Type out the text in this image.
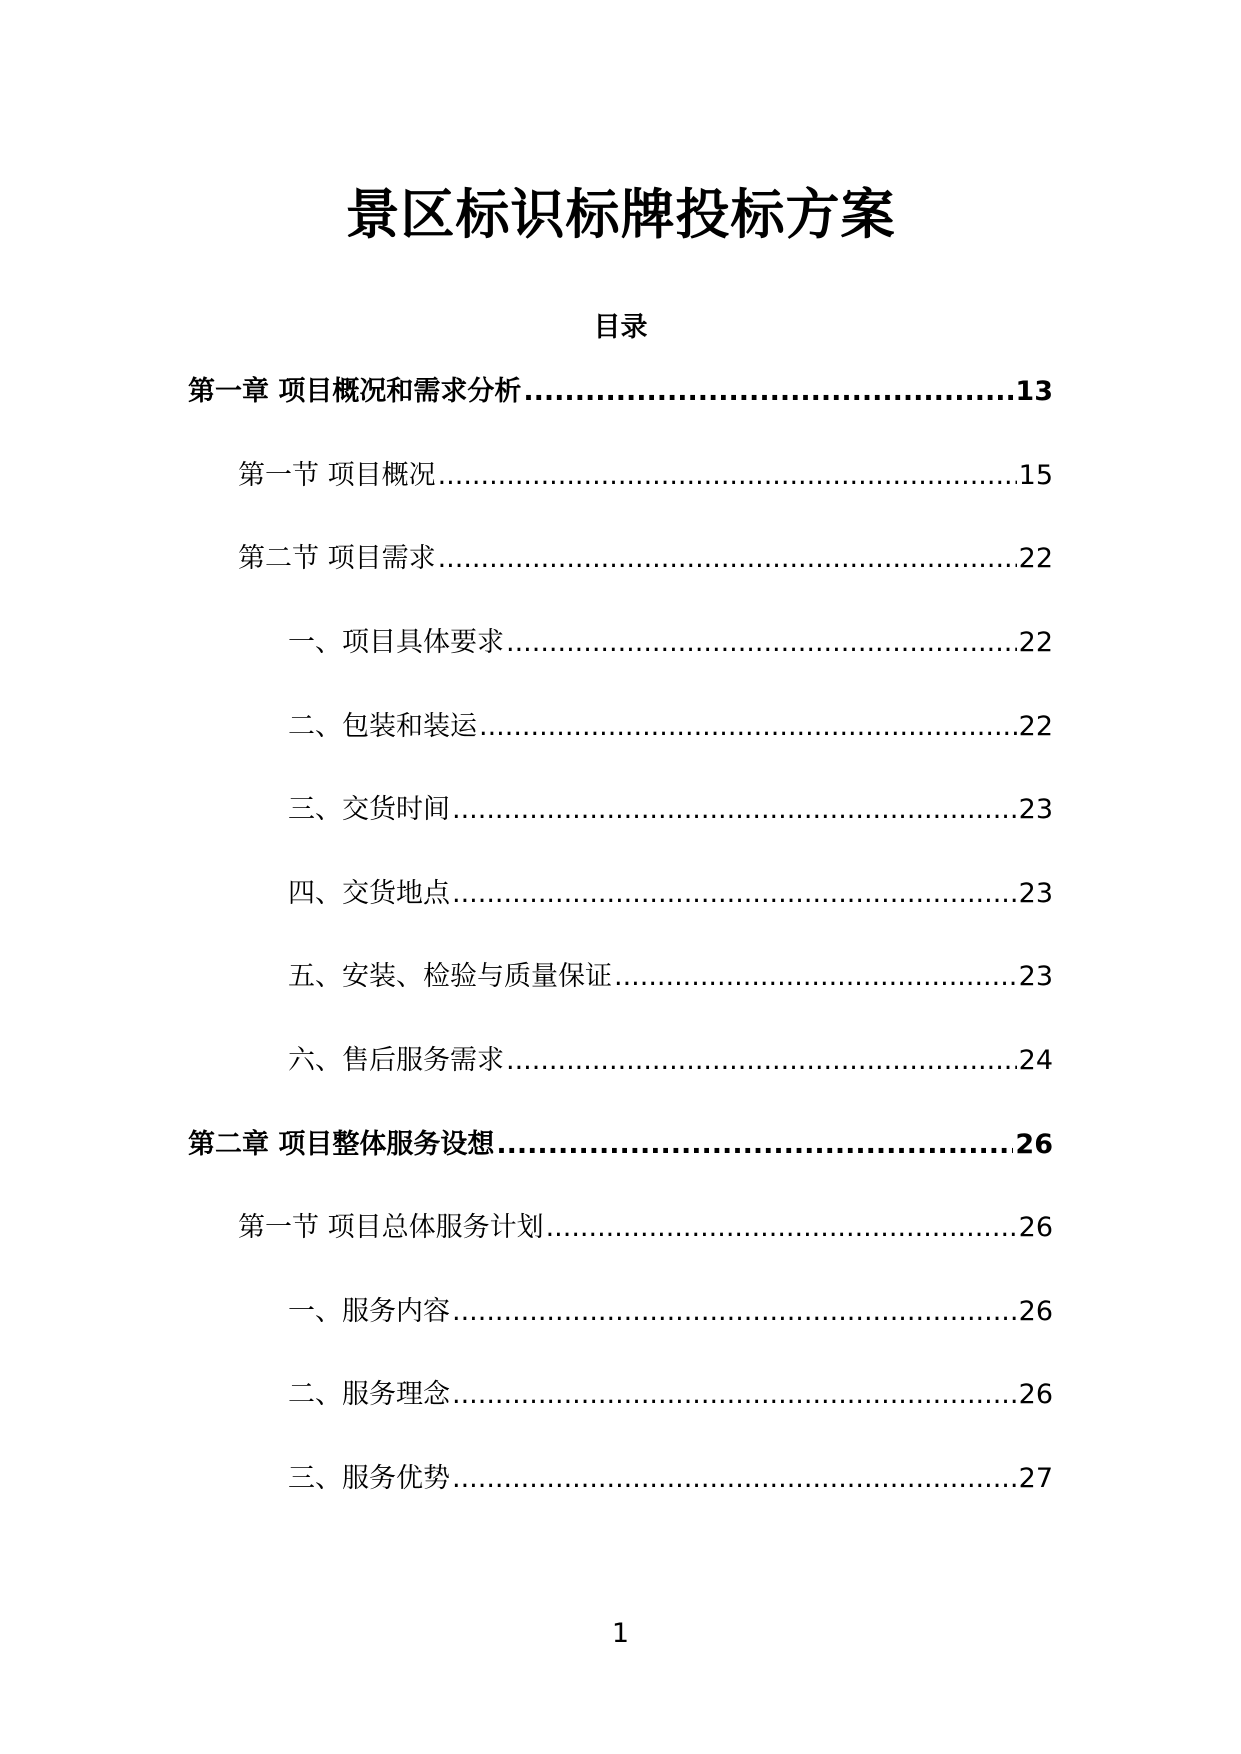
景区标识标牌投标方案
目录
第一章 项目概况和需求分析 .....	13
第一节 项目概况 .....	15
第二节 项目需求 .....	22
一、项目具体要求 .....	22
二、包装和装运 .....	22
三、交货时间 .....	23
四、交货地点 .....	23
五、安装、检验与质量保证 .....	23
六、售后服务需求 .....	24
第二章 项目整体服务设想 .....	26
第一节 项目总体服务计划 .....	26
一、服务内容 .....	26
二、服务理念 .....	26
三、服务优势 .....	27
1
